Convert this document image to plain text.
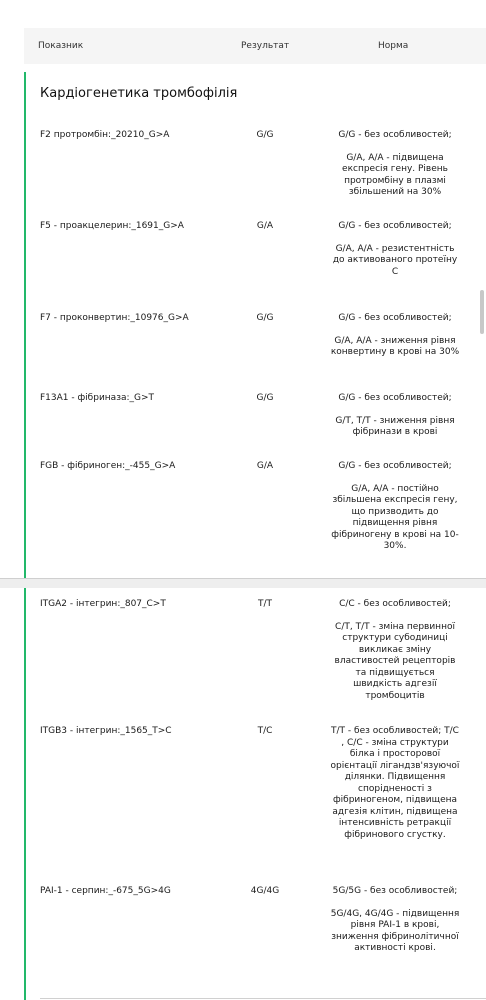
Показник	Результат	Норма
Кардіогенетика тромбофілія
F2 протромбін:_20210_G>A	G/G	G/G - без особливостей;

G/A, A/A - підвищена експресія гену. Рівень протромбіну в плазмі збільшений на 30%

F5 - проакцелерин:_1691_G>A	G/A	G/G - без особливостей;

G/A, A/A - резистентність до активованого протеїну C

F7 - проконвертин:_10976_G>A	G/G	G/G - без особливостей;

G/A, A/A - зниження рівня конвертину в крові на 30%

F13A1 - фібриназа:_G>T	G/G	G/G - без особливостей;

G/T, T/T - зниження рівня фібринази в крові

FGB - фібриноген:_-455_G>A	G/A	G/G - без особливостей;

G/A, A/A - постійно збільшена експресія гену, що призводить до підвищення рівня фібриногену в крові на 10-30%.

ITGA2 - інтегрин:_807_C>T	T/T	C/C - без особливостей;

C/T, T/T - зміна первинної структури субодиниці викликає зміну властивостей рецепторів та підвищується швидкість адгезії тромбоцитів

ITGB3 - інтегрин:_1565_T>C	T/C	T/T - без особливостей; T/C , C/C - зміна структури білка і просторової орієнтації лігандзв'язуючої ділянки. Підвищення спорідненості з фібриногеном, підвищена адгезія клітин, підвищена інтенсивність ретракції фібринового сгустку.

PAI-1 - серпин:_-675_5G>4G	4G/4G	5G/5G - без особливостей;

5G/4G, 4G/4G - підвищення рівня PAI-1 в крові, зниження фібринолітичної активності крові.
